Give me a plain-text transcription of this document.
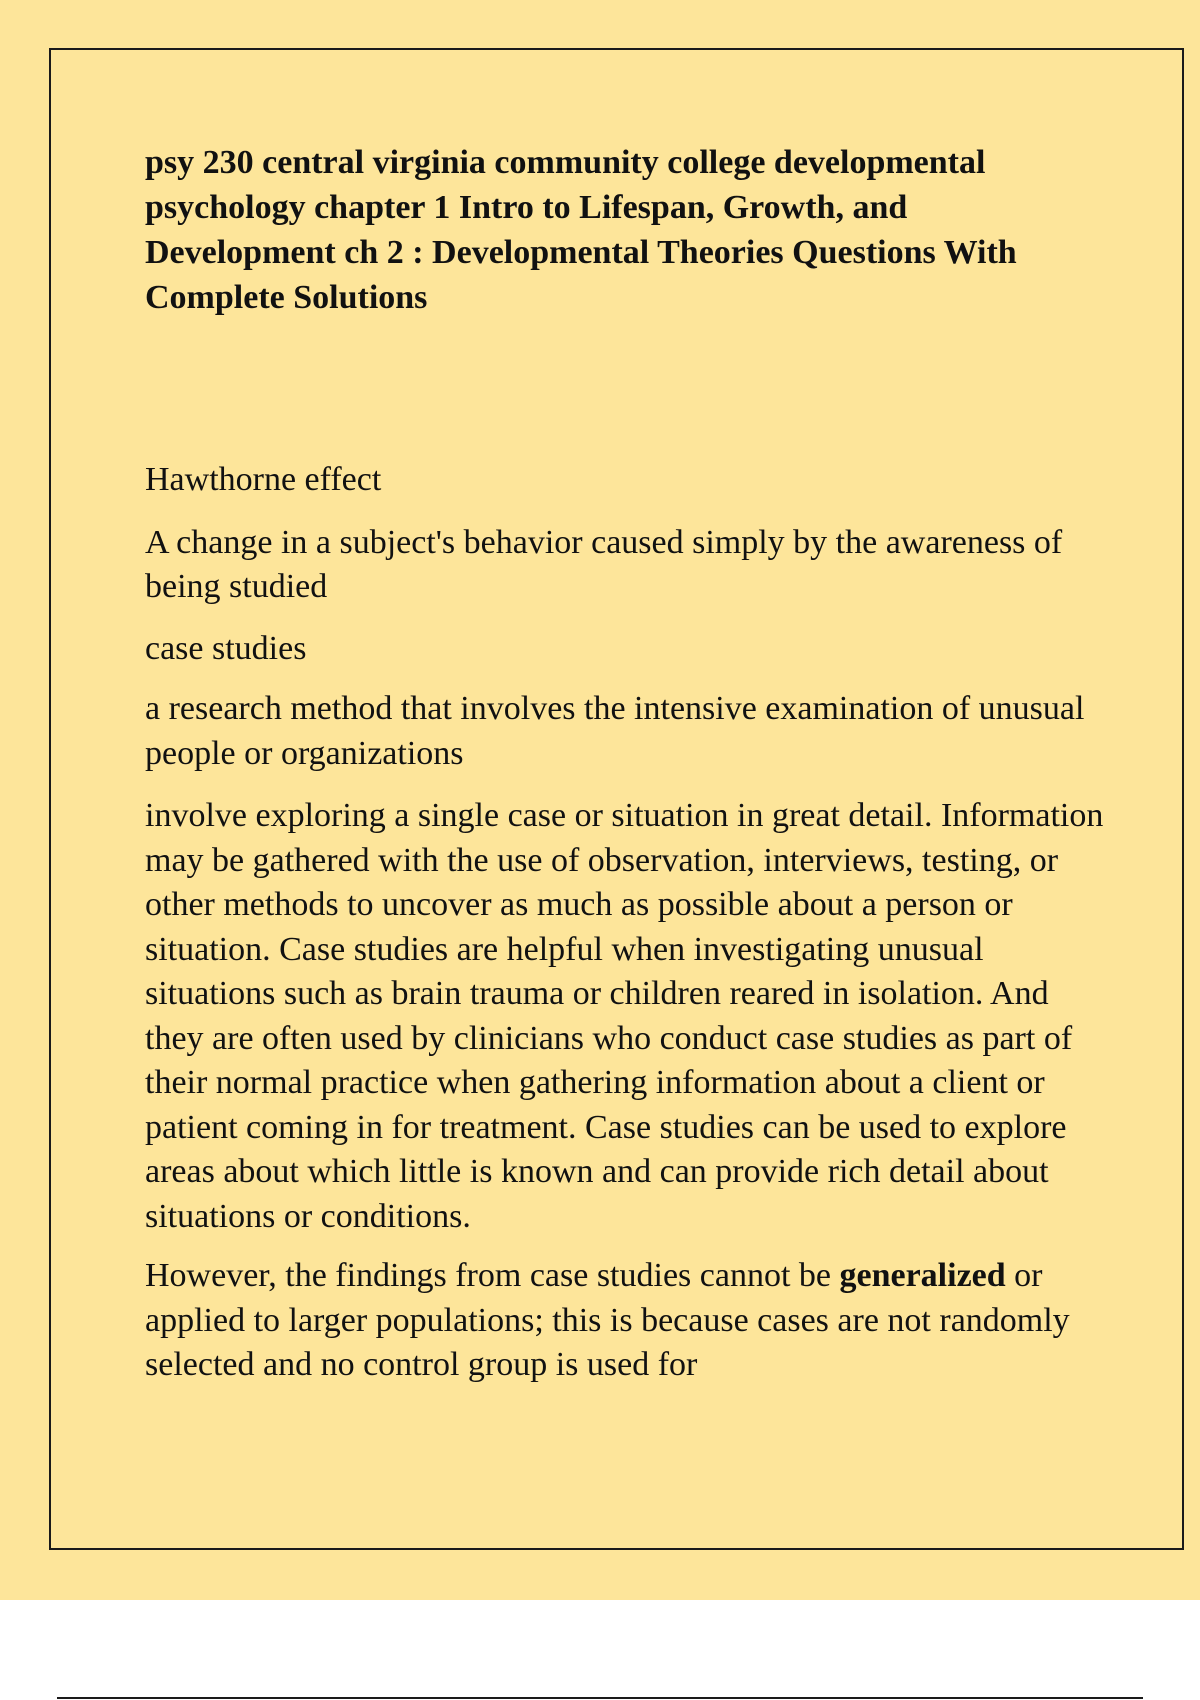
psy 230 central virginia community college developmental psychology chapter 1 Intro to Lifespan, Growth, and Development ch 2 : Developmental Theories Questions With Complete Solutions

Hawthorne effect

A change in a subject's behavior caused simply by the awareness of being studied

case studies

a research method that involves the intensive examination of unusual people or organizations

involve exploring a single case or situation in great detail. Information may be gathered with the use of observation, interviews, testing, or other methods to uncover as much as possible about a person or situation. Case studies are helpful when investigating unusual situations such as brain trauma or children reared in isolation. And they are often used by clinicians who conduct case studies as part of their normal practice when gathering information about a client or patient coming in for treatment. Case studies can be used to explore areas about which little is known and can provide rich detail about situations or conditions.

However, the findings from case studies cannot be generalized or applied to larger populations; this is because cases are not randomly selected and no control group is used for
